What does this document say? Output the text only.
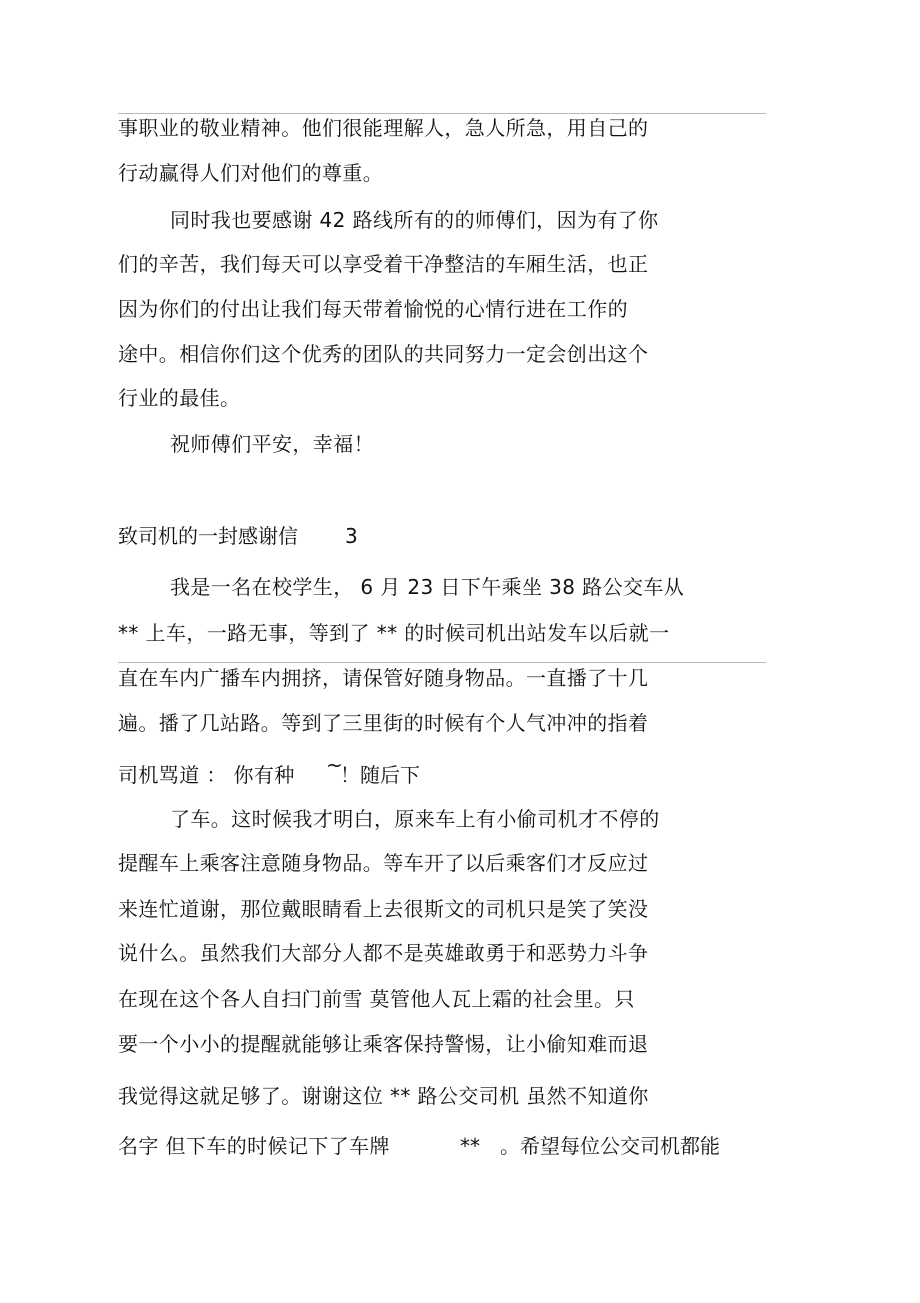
事职业的敬业精神。他们很能理解人，急人所急，用自己的
行动赢得人们对他们的尊重。
同时我也要感谢 42 路线所有的的师傅们，因为有了你
们的辛苦，我们每天可以享受着干净整洁的车厢生活，也正
因为你们的付出让我们每天带着愉悦的心情行进在工作的
途中。相信你们这个优秀的团队的共同努力一定会创出这个
行业的最佳。
祝师傅们平安，幸福！
致司机的一封感谢信 3
我是一名在校学生， 6 月 23 日下午乘坐 38 路公交车从
** 上车，一路无事，等到了 ** 的时候司机出站发车以后就一
直在车内广播车内拥挤，请保管好随身物品。一直播了十几
遍。播了几站路。等到了三里街的时候有个人气冲冲的指着
司机骂道 ： 你有种 ~
！随后下
了车。这时候我才明白，原来车上有小偷司机才不停的
提醒车上乘客注意随身物品。等车开了以后乘客们才反应过
来连忙道谢，那位戴眼睛看上去很斯文的司机只是笑了笑没
说什么。虽然我们大部分人都不是英雄敢勇于和恶势力斗争
在现在这个各人自扫门前雪 莫管他人瓦上霜的社会里。只
要一个小小的提醒就能够让乘客保持警惕，让小偷知难而退
我觉得这就足够了。谢谢这位 ** 路公交司机 虽然不知道你
名字 但下车的时候记下了车牌	** 。希望每位公交司机都能
